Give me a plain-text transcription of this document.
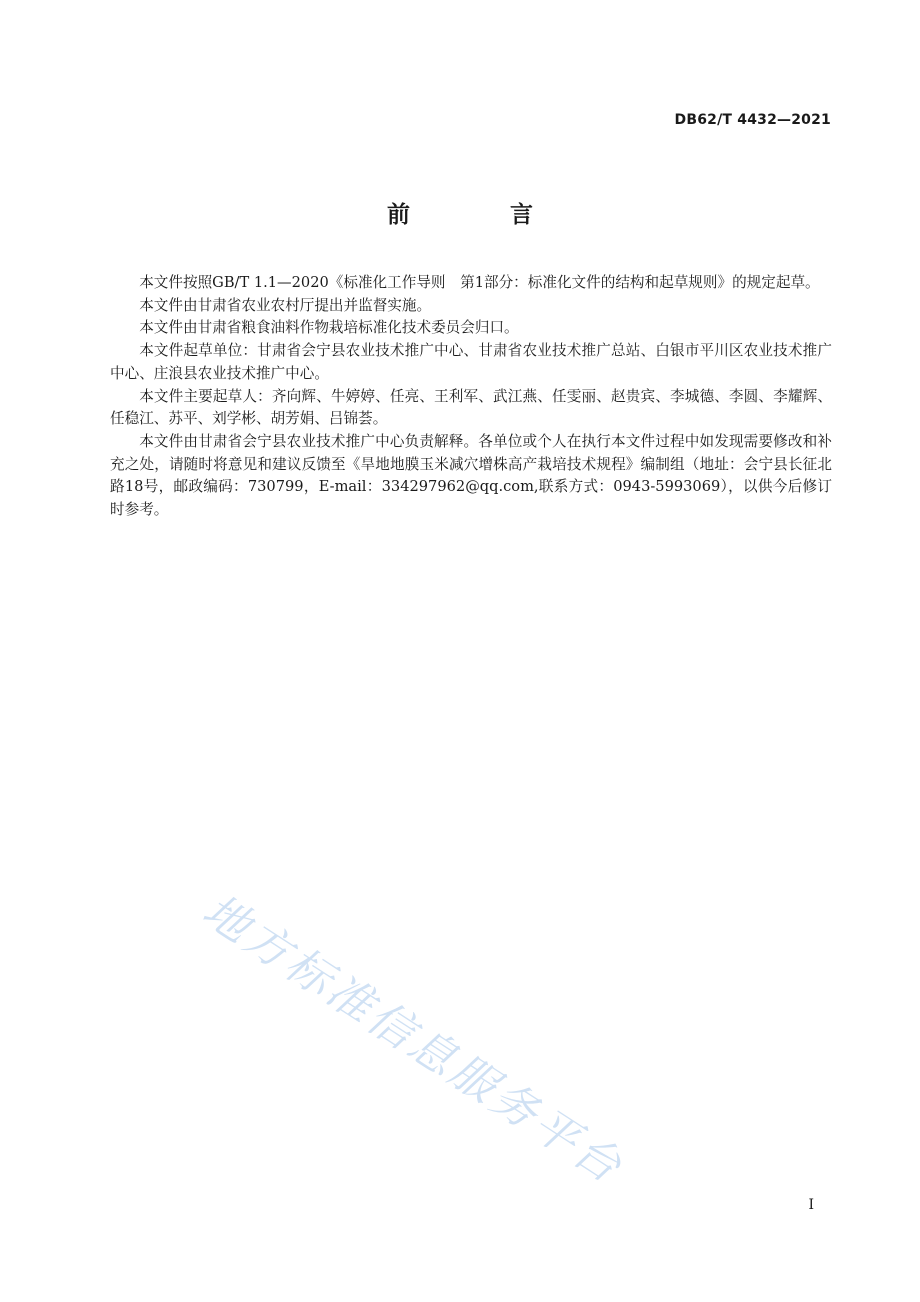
DB62/T 4432—2021
前 言

本文件按照GB/T 1.1—2020《标准化工作导则　第1部分：标准化文件的结构和起草规则》的规定起草。

本文件由甘肃省农业农村厅提出并监督实施。

本文件由甘肃省粮食油料作物栽培标准化技术委员会归口。

本文件起草单位：甘肃省会宁县农业技术推广中心、甘肃省农业技术推广总站、白银市平川区农业技术推广中心、庄浪县农业技术推广中心。

本文件主要起草人：齐向辉、牛婷婷、任亮、王利军、武江燕、任雯丽、赵贵宾、李城德、李圆、李耀辉、任稳江、苏平、刘学彬、胡芳娟、吕锦荟。

本文件由甘肃省会宁县农业技术推广中心负责解释。各单位或个人在执行本文件过程中如发现需要修改和补充之处，请随时将意见和建议反馈至《旱地地膜玉米减穴增株高产栽培技术规程》编制组（地址：会宁县长征北路18号，邮政编码：730799，E-mail：334297962@qq.com,联系方式：0943-5993069），以供今后修订时参考。

地方标准信息服务平台
I
